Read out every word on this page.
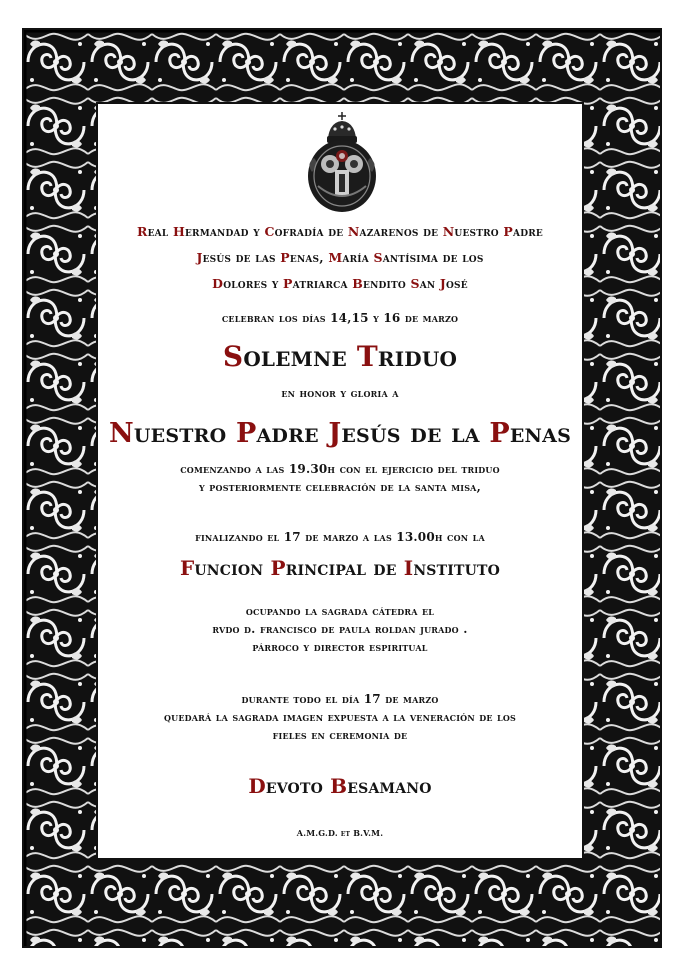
Real Hermandad y Cofradía de Nazarenos de Nuestro Padre
Jesús de las Penas, María Santísima de los
Dolores y Patriarca Bendito San José
celebran los días 14,15 y 16 de marzo
Solemne Triduo
en honor y gloria a
Nuestro Padre Jesús de la Penas
comenzando a las 19.30h con el ejercicio del triduo
y posteriormente celebración de la santa misa,
finalizando el 17 de marzo a las 13.00h con la
Funcion Principal de Instituto
ocupando la sagrada cátedra el
rvdo d. francisco de paula roldan jurado .
párroco y director espiritual
durante todo el día 17 de marzo
quedará la sagrada imagen expuesta a la veneración de los
fieles en ceremonia de
Devoto Besamano
A.M.G.D. et B.V.M.
